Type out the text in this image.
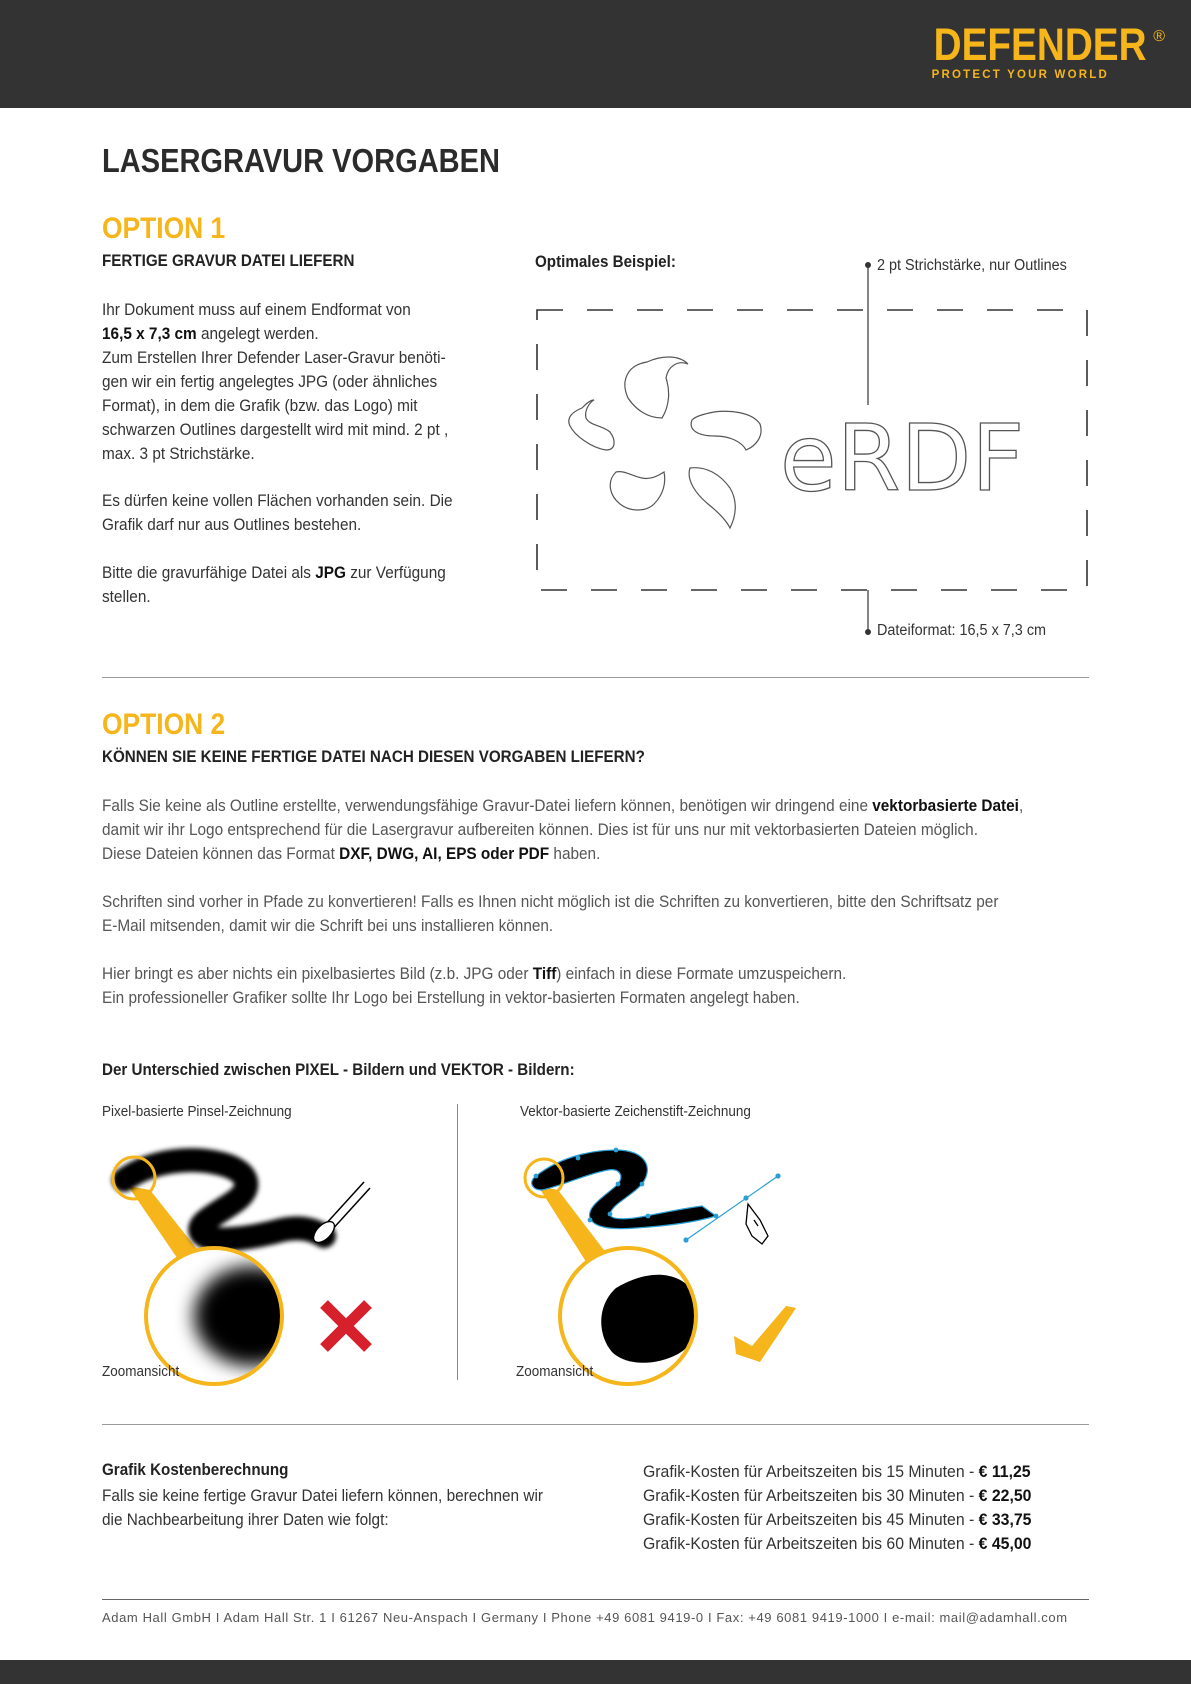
DEFENDER ®
PROTECT YOUR WORLD
LASERGRAVUR VORGABEN
OPTION 1
FERTIGE GRAVUR DATEI LIEFERN
Ihr Dokument muss auf einem Endformat von
16,5 x 7,3 cm angelegt werden.
Zum Erstellen Ihrer Defender Laser-Gravur benöti-
gen wir ein fertig angelegtes JPG (oder ähnliches
Format), in dem die Grafik (bzw. das Logo) mit
schwarzen Outlines dargestellt wird mit mind. 2 pt ,
max. 3 pt Strichstärke.
Es dürfen keine vollen Flächen vorhanden sein. Die
Grafik darf nur aus Outlines bestehen.
Bitte die gravurfähige Datei als JPG zur Verfügung
stellen.
Optimales Beispiel:	2 pt Strichstärke, nur Outlines
Dateiformat: 16,5 x 7,3 cm
eRDF
OPTION 2
KÖNNEN SIE KEINE FERTIGE DATEI NACH DIESEN VORGABEN LIEFERN?
Falls Sie keine als Outline erstellte, verwendungsfähige Gravur-Datei liefern können, benötigen wir dringend eine vektorbasierte Datei,
damit wir ihr Logo entsprechend für die Lasergravur aufbereiten können. Dies ist für uns nur mit vektorbasierten Dateien möglich.
Diese Dateien können das Format DXF, DWG, AI, EPS oder PDF haben.
Schriften sind vorher in Pfade zu konvertieren! Falls es Ihnen nicht möglich ist die Schriften zu konvertieren, bitte den Schriftsatz per
E-Mail mitsenden, damit wir die Schrift bei uns installieren können.
Hier bringt es aber nichts ein pixelbasiertes Bild (z.b. JPG oder Tiff) einfach in diese Formate umzuspeichern.
Ein professioneller Grafiker sollte Ihr Logo bei Erstellung in vektor-basierten Formaten angelegt haben.
Der Unterschied zwischen PIXEL - Bildern und VEKTOR - Bildern:
Pixel-basierte Pinsel-Zeichnung	Vektor-basierte Zeichenstift-Zeichnung
Zoomansicht	Zoomansicht
Grafik Kostenberechnung
Falls sie keine fertige Gravur Datei liefern können, berechnen wir
die Nachbearbeitung ihrer Daten wie folgt:
Grafik-Kosten für Arbeitszeiten bis 15 Minuten - € 11,25
Grafik-Kosten für Arbeitszeiten bis 30 Minuten - € 22,50
Grafik-Kosten für Arbeitszeiten bis 45 Minuten - € 33,75
Grafik-Kosten für Arbeitszeiten bis 60 Minuten - € 45,00
Adam Hall GmbH I Adam Hall Str. 1 I 61267 Neu-Anspach I Germany I Phone +49 6081 9419-0 I Fax: +49 6081 9419-1000 I e-mail: mail@adamhall.com
